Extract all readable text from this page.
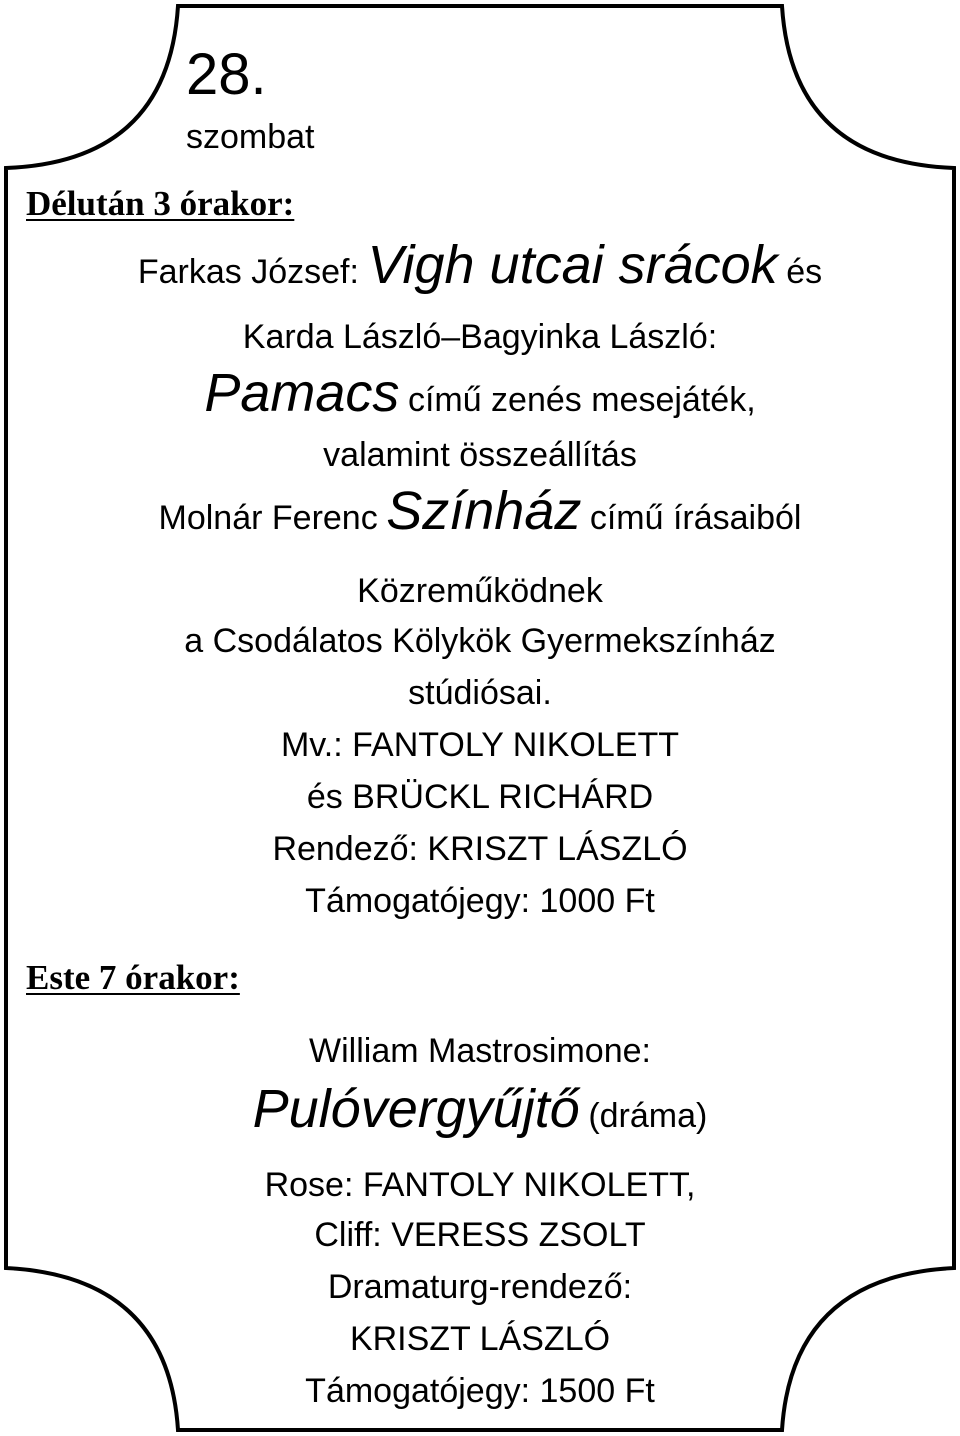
28.
szombat
Délután 3 órakor:
Farkas József: Vigh utcai srácok és
Karda László–Bagyinka László:
Pamacs című zenés mesejáték,
valamint összeállítás
Molnár Ferenc Színház című írásaiból
Közreműködnek
a Csodálatos Kölykök Gyermekszínház
stúdiósai.
Mv.: FANTOLY NIKOLETT
és BRÜCKL RICHÁRD
Rendező: KRISZT LÁSZLÓ
Támogatójegy: 1000 Ft
Este 7 órakor:
William Mastrosimone:
Pulóvergyűjtő (dráma)
Rose: FANTOLY NIKOLETT,
Cliff: VERESS ZSOLT
Dramaturg-rendező:
KRISZT LÁSZLÓ
Támogatójegy: 1500 Ft
